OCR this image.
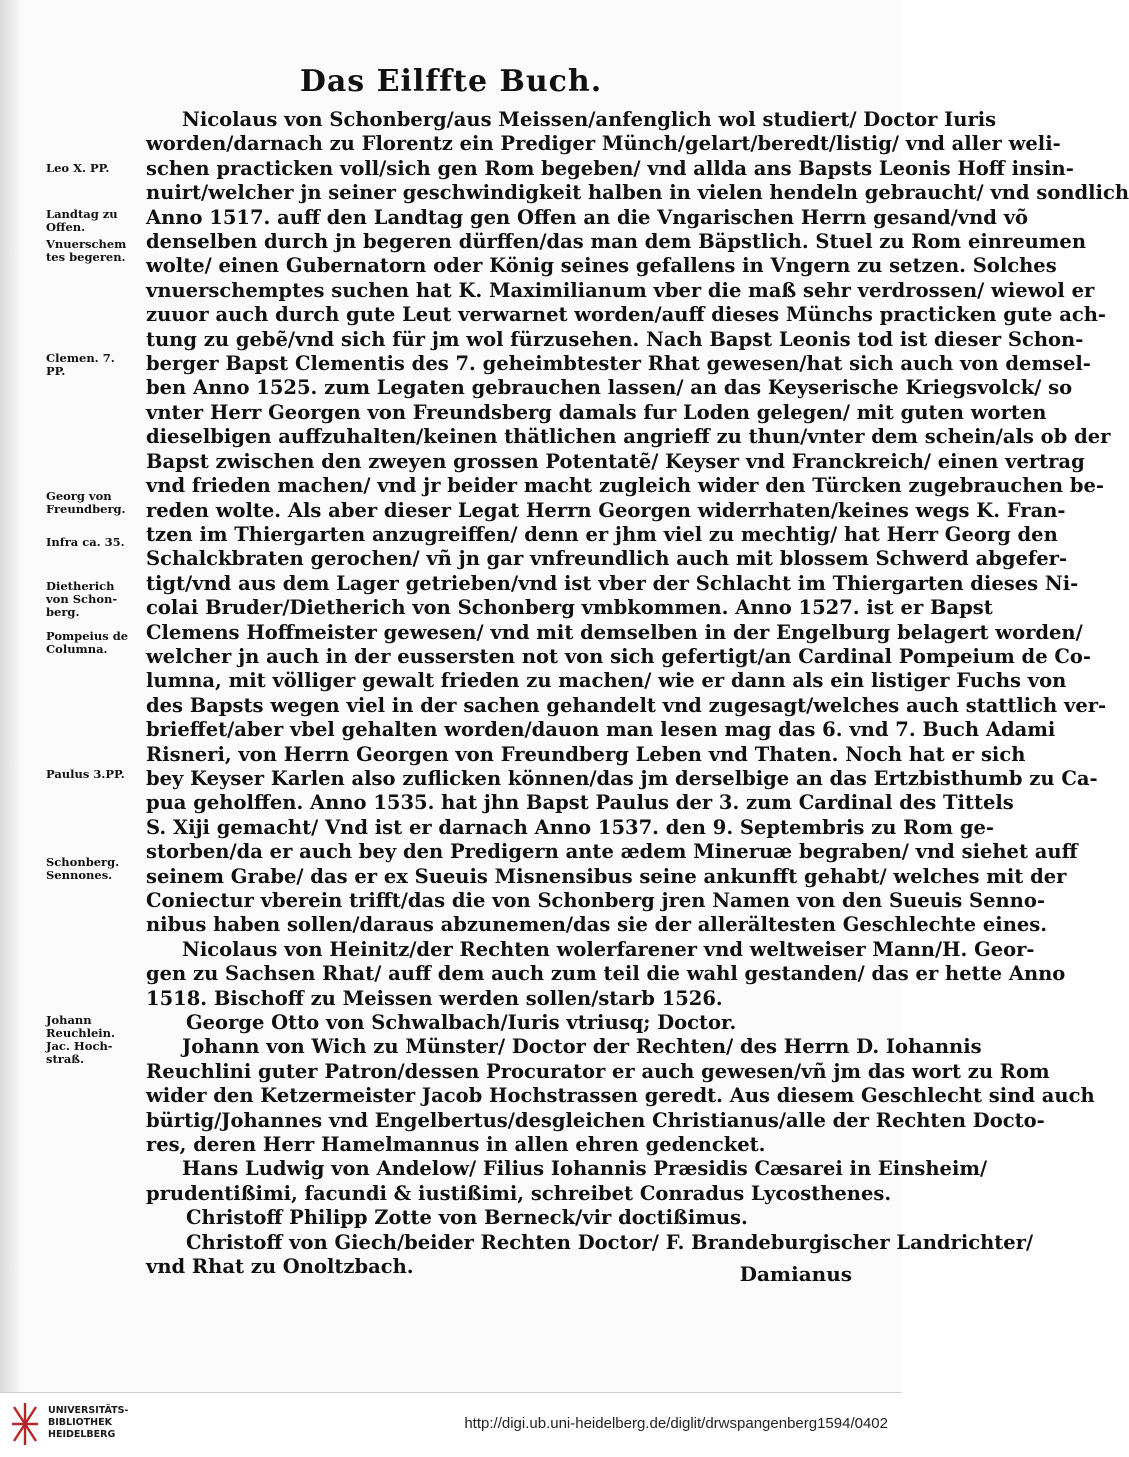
Das Eilffte Buch.
Nicolaus von Schonberg/aus Meissen/anfenglich wol studiert/ Doctor Iuris
worden/darnach zu Florentz ein Prediger Münch/gelart/beredt/listig/ vnd aller weli-
schen practicken voll/sich gen Rom begeben/ vnd allda ans Bapsts Leonis Hoff insin-
nuirt/welcher jn seiner geschwindigkeit halben in vielen hendeln gebraucht/ vnd sondlich
Anno 1517. auff den Landtag gen Offen an die Vngarischen Herrn gesand/vnd võ
denselben durch jn begeren dürffen/das man dem Bäpstlich. Stuel zu Rom einreumen
wolte/ einen Gubernatorn oder König seines gefallens in Vngern zu setzen. Solches
vnuerschemptes suchen hat K. Maximilianum vber die maß sehr verdrossen/ wiewol er
zuuor auch durch gute Leut verwarnet worden/auff dieses Münchs practicken gute ach-
tung zu gebẽ/vnd sich für jm wol fürzusehen. Nach Bapst Leonis tod ist dieser Schon-
berger Bapst Clementis des 7. geheimbtester Rhat gewesen/hat sich auch von demsel-
ben Anno 1525. zum Legaten gebrauchen lassen/ an das Keyserische Kriegsvolck/ so
vnter Herr Georgen von Freundsberg damals fur Loden gelegen/ mit guten worten
dieselbigen auffzuhalten/keinen thätlichen angrieff zu thun/vnter dem schein/als ob der
Bapst zwischen den zweyen grossen Potentatẽ/ Keyser vnd Franckreich/ einen vertrag
vnd frieden machen/ vnd jr beider macht zugleich wider den Türcken zugebrauchen be-
reden wolte. Als aber dieser Legat Herrn Georgen widerrhaten/keines wegs K. Fran-
tzen im Thiergarten anzugreiffen/ denn er jhm viel zu mechtig/ hat Herr Georg den
Schalckbraten gerochen/ vñ jn gar vnfreundlich auch mit blossem Schwerd abgefer-
tigt/vnd aus dem Lager getrieben/vnd ist vber der Schlacht im Thiergarten dieses Ni-
colai Bruder/Dietherich von Schonberg vmbkommen. Anno 1527. ist er Bapst
Clemens Hoffmeister gewesen/ vnd mit demselben in der Engelburg belagert worden/
welcher jn auch in der eussersten not von sich gefertigt/an Cardinal Pompeium de Co-
lumna, mit völliger gewalt frieden zu machen/ wie er dann als ein listiger Fuchs von
des Bapsts wegen viel in der sachen gehandelt vnd zugesagt/welches auch stattlich ver-
brieffet/aber vbel gehalten worden/dauon man lesen mag das 6. vnd 7. Buch Adami
Risneri, von Herrn Georgen von Freundberg Leben vnd Thaten. Noch hat er sich
bey Keyser Karlen also zuflicken können/das jm derselbige an das Ertzbisthumb zu Ca-
pua geholffen. Anno 1535. hat jhn Bapst Paulus der 3. zum Cardinal des Tittels
S. Xiji gemacht/ Vnd ist er darnach Anno 1537. den 9. Septembris zu Rom ge-
storben/da er auch bey den Predigern ante ædem Mineruæ begraben/ vnd siehet auff
seinem Grabe/ das er ex Sueuis Misnensibus seine ankunfft gehabt/ welches mit der
Coniectur vberein trifft/das die von Schonberg jren Namen von den Sueuis Senno-
nibus haben sollen/daraus abzunemen/das sie der allerältesten Geschlechte eines.
Nicolaus von Heinitz/der Rechten wolerfarener vnd weltweiser Mann/H. Geor-
gen zu Sachsen Rhat/ auff dem auch zum teil die wahl gestanden/ das er hette Anno
1518. Bischoff zu Meissen werden sollen/starb 1526.
George Otto von Schwalbach/Iuris vtriusq; Doctor.
Johann von Wich zu Münster/ Doctor der Rechten/ des Herrn D. Iohannis
Reuchlini guter Patron/dessen Procurator er auch gewesen/vñ jm das wort zu Rom
wider den Ketzermeister Jacob Hochstrassen geredt. Aus diesem Geschlecht sind auch
bürtig/Johannes vnd Engelbertus/desgleichen Christianus/alle der Rechten Docto-
res, deren Herr Hamelmannus in allen ehren gedencket.
Hans Ludwig von Andelow/ Filius Iohannis Præsidis Cæsarei in Einsheim/
prudentißimi, facundi & iustißimi, schreibet Conradus Lycosthenes.
Christoff Philipp Zotte von Berneck/vir doctißimus.
Christoff von Giech/beider Rechten Doctor/ F. Brandeburgischer Landrichter/
vnd Rhat zu Onoltzbach.
Leo X. PP.
Landtag zu
Offen.
Vnuerschem
tes begeren.
Clemen. 7.
PP.
Georg von
Freundberg.
Infra ca. 35.
Dietherich
von Schon-
berg.
Pompeius de
Columna.
Paulus 3.PP.
Schonberg.
Sennones.
Johann
Reuchlein.
Jac. Hoch-
straß.
Damianus
UNIVERSITÄTS-
BIBLIOTHEK
HEIDELBERG
http://digi.ub.uni-heidelberg.de/diglit/drwspangenberg1594/0402
